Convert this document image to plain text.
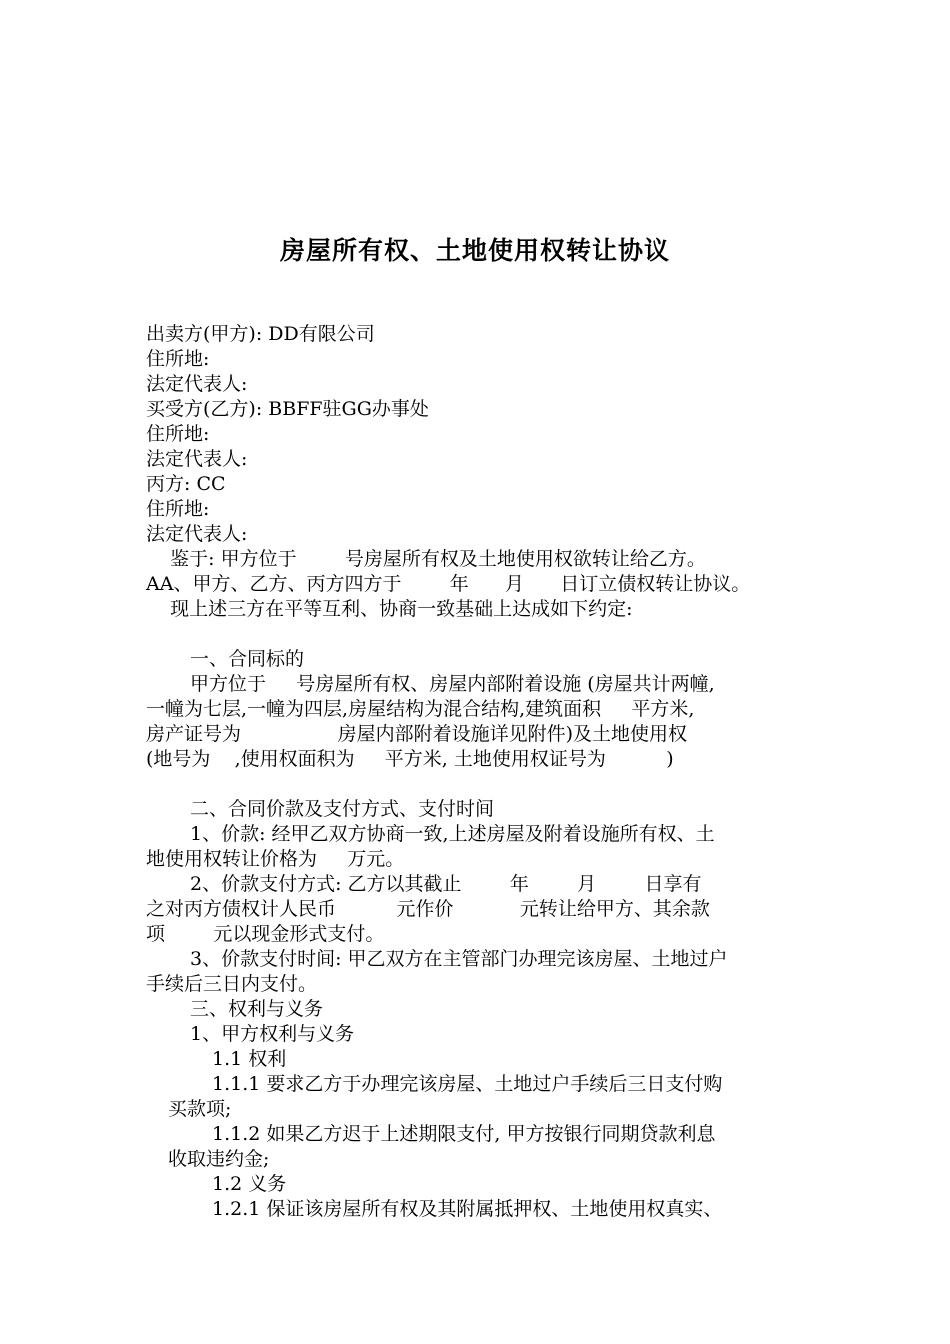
房屋所有权、土地使用权转让协议
出卖方(甲方): DD有限公司
住所地:
法定代表人:
买受方(乙方): BBFF驻GG办事处
住所地:
法定代表人:
丙方: CC
住所地:
法定代表人:
鉴于: 甲方位于        号房屋所有权及土地使用权欲转让给乙方。
AA、甲方、乙方、丙方四方于        年      月      日订立债权转让协议。
现上述三方在平等互利、协商一致基础上达成如下约定:
一、合同标的
甲方位于     号房屋所有权、房屋内部附着设施 (房屋共计两幢,
一幢为七层,一幢为四层,房屋结构为混合结构,建筑面积     平方米,
房产证号为                房屋内部附着设施详见附件)及土地使用权
(地号为    ,使用权面积为     平方米, 土地使用权证号为          )
二、合同价款及支付方式、支付时间
1、价款: 经甲乙双方协商一致,上述房屋及附着设施所有权、土
地使用权转让价格为     万元。
2、价款支付方式: 乙方以其截止        年        月        日享有
之对丙方债权计人民币          元作价           元转让给甲方、其余款
项        元以现金形式支付。
3、价款支付时间: 甲乙双方在主管部门办理完该房屋、土地过户
手续后三日内支付。
三、权利与义务
1、甲方权利与义务
1.1 权利
1.1.1 要求乙方于办理完该房屋、土地过户手续后三日支付购
买款项;
1.1.2 如果乙方迟于上述期限支付, 甲方按银行同期贷款利息
收取违约金;
1.2 义务
1.2.1 保证该房屋所有权及其附属抵押权、土地使用权真实、
